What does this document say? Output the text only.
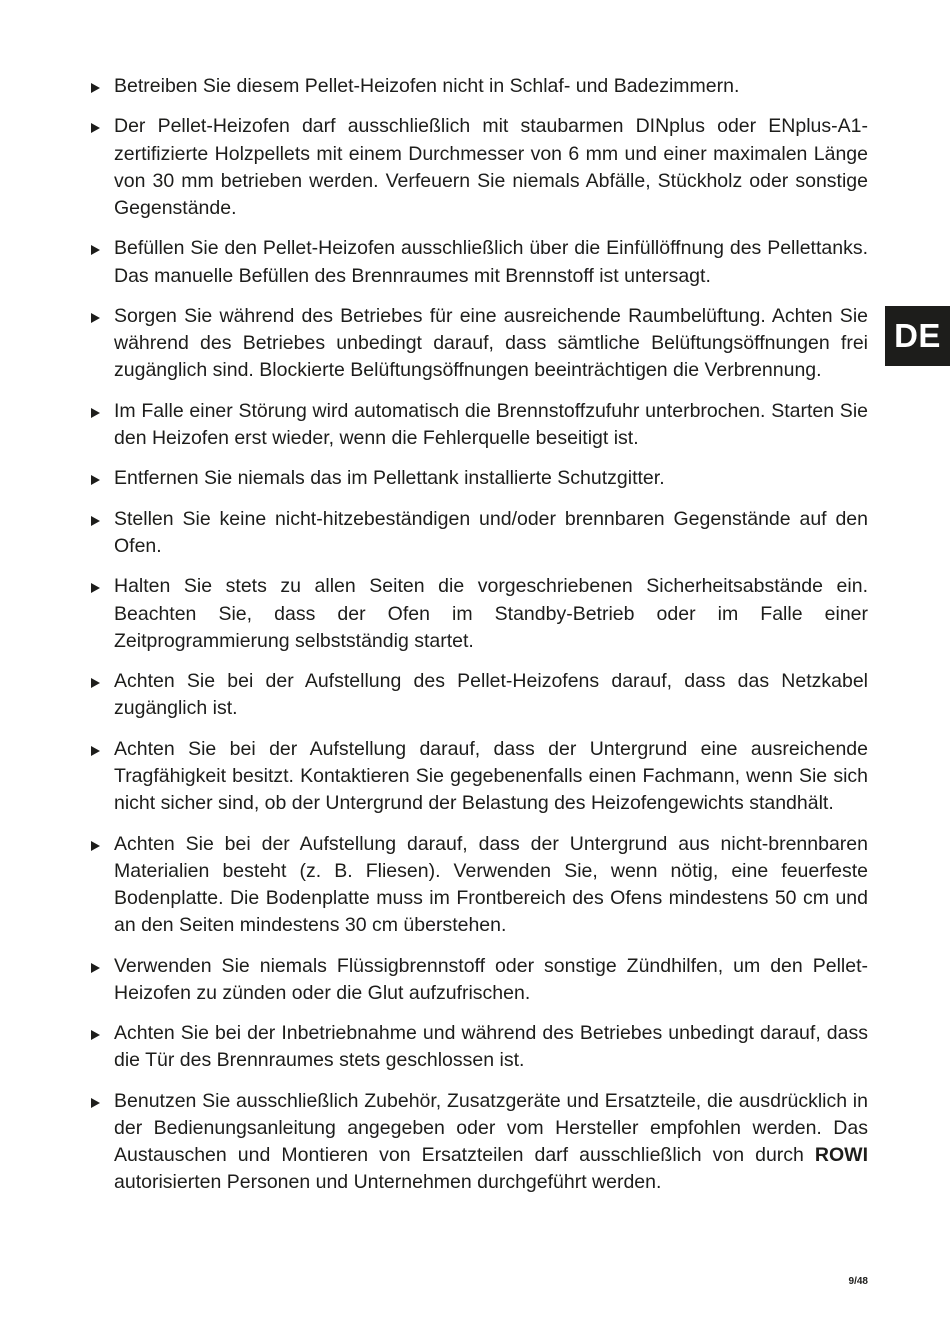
Betreiben Sie diesem Pellet-Heizofen nicht in Schlaf- und Badezimmern.
Der Pellet-Heizofen darf ausschließlich mit staubarmen DINplus oder ENplus-A1-zertifizierte Holzpellets mit einem Durchmesser von 6 mm und einer maximalen Länge von 30 mm betrieben werden. Verfeuern Sie niemals Abfälle, Stückholz oder sonstige Gegenstände.
Befüllen Sie den Pellet-Heizofen ausschließlich über die Einfüllöffnung des Pellettanks. Das manuelle Befüllen des Brennraumes mit Brennstoff ist untersagt.
Sorgen Sie während des Betriebes für eine ausreichende Raumbelüftung. Achten Sie während des Betriebes unbedingt darauf, dass sämtliche Belüftungsöffnungen frei zugänglich sind. Blockierte Belüftungsöffnungen beeinträchtigen die Verbrennung.
Im Falle einer Störung wird automatisch die Brennstoffzufuhr unterbrochen. Starten Sie den Heizofen erst wieder, wenn die Fehlerquelle beseitigt ist.
Entfernen Sie niemals das im Pellettank installierte Schutzgitter.
Stellen Sie keine nicht-hitzebeständigen und/oder brennbaren Gegenstände auf den Ofen.
Halten Sie stets zu allen Seiten die vorgeschriebenen Sicherheitsabstände ein. Beachten Sie, dass der Ofen im Standby-Betrieb oder im Falle einer Zeitprogrammierung selbstständig startet.
Achten Sie bei der Aufstellung des Pellet-Heizofens darauf, dass das Netzkabel zugänglich ist.
Achten Sie bei der Aufstellung darauf, dass der Untergrund eine ausreichende Tragfähigkeit besitzt. Kontaktieren Sie gegebenenfalls einen Fachmann, wenn Sie sich nicht sicher sind, ob der Untergrund der Belastung des Heizofengewichts standhält.
Achten Sie bei der Aufstellung darauf, dass der Untergrund aus nicht-brennbaren Materialien besteht (z. B. Fliesen). Verwenden Sie, wenn nötig, eine feuerfeste Bodenplatte. Die Bodenplatte muss im Frontbereich des Ofens mindestens 50 cm und an den Seiten mindestens 30 cm überstehen.
Verwenden Sie niemals Flüssigbrennstoff oder sonstige Zündhilfen, um den Pellet-Heizofen zu zünden oder die Glut aufzufrischen.
Achten Sie bei der Inbetriebnahme und während des Betriebes unbedingt darauf, dass die Tür des Brennraumes stets geschlossen ist.
Benutzen Sie ausschließlich Zubehör, Zusatzgeräte und Ersatzteile, die ausdrücklich in der Bedienungsanleitung angegeben oder vom Hersteller empfohlen werden. Das Austauschen und Montieren von Ersatzteilen darf ausschließlich von durch ROWI autorisierten Personen und Unternehmen durchgeführt werden.
DE
9/48
